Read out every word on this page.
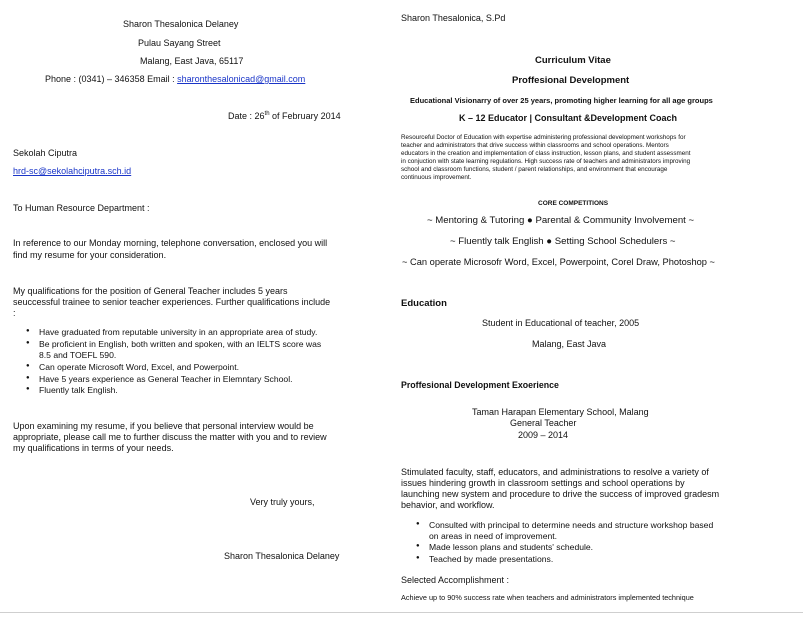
Sharon Thesalonica Delaney

Pulau Sayang Street

Malang, East Java, 65117

Phone : (0341) – 346358 Email : sharonthesalonicad@gmail.com

Date : 26th of February 2014

Sekolah Ciputra

hrd-sc@sekolahciputra.sch.id

To Human Resource Department :

In reference to our Monday morning, telephone conversation, enclosed you will

find my resume for your consideration.

My qualifications for the position of General Teacher includes 5 years

seuccessful trainee to senior teacher experiences. Further qualifications include

:

● Have graduated from reputable university in an appropriate area of study.
● Be proficient in English, both written and spoken, with an IELTS score was
8.5 and TOEFL 590.
● Can operate Microsoft Word, Excel, and Powerpoint.
● Have 5 years experience as General Teacher in Elemntary School.
● Fluently talk English.

Upon examining my resume, if you believe that personal interview would be

appropriate, please call me to further discuss the matter with you and to review

my qualifications in terms of your needs.

Very truly yours,

Sharon Thesalonica Delaney

Sharon Thesalonica, S.Pd

Curriculum Vitae

Proffesional Development

Educational Visionarry of over 25 years, promoting higher learning for all age groups

K – 12 Educator | Consultant &Development Coach

Resourceful Doctor of Education with expertise administering professional development workshops for

teacher and administrators that drive success within classrooms and school operations. Mentors

educators in the creation and implementation of class instruction, lesson plans, and student assessment

in conjuction with state learning regulations. High success rate of teachers and administrators improving

school and classroom functions, student / parent relationships, and environment that encourage

continuous improvement.

CORE COMPETITIONS

~ Mentoring & Tutoring ● Parental & Community Involvement ~

~ Fluently talk English ● Setting School Schedulers ~

~ Can operate Microsofr Word, Excel, Powerpoint, Corel Draw, Photoshop ~

Education

Student in Educational of teacher, 2005

Malang, East Java

Proffesional Development Exoerience

Taman Harapan Elementary School, Malang

General Teacher

2009 – 2014

Stimulated faculty, staff, educators, and administrations to resolve a variety of

issues hindering growth in classroom settings and school operations by

launching new system and procedure to drive the success of improved gradesm

behavior, and workflow.

● Consulted with principal to determine needs and structure workshop based
on areas in need of improvement.
● Made lesson plans and students' schedule.
● Teached by made presentations.

Selected Accomplishment :

Achieve up to 90% success rate when teachers and administrators implemented technique
